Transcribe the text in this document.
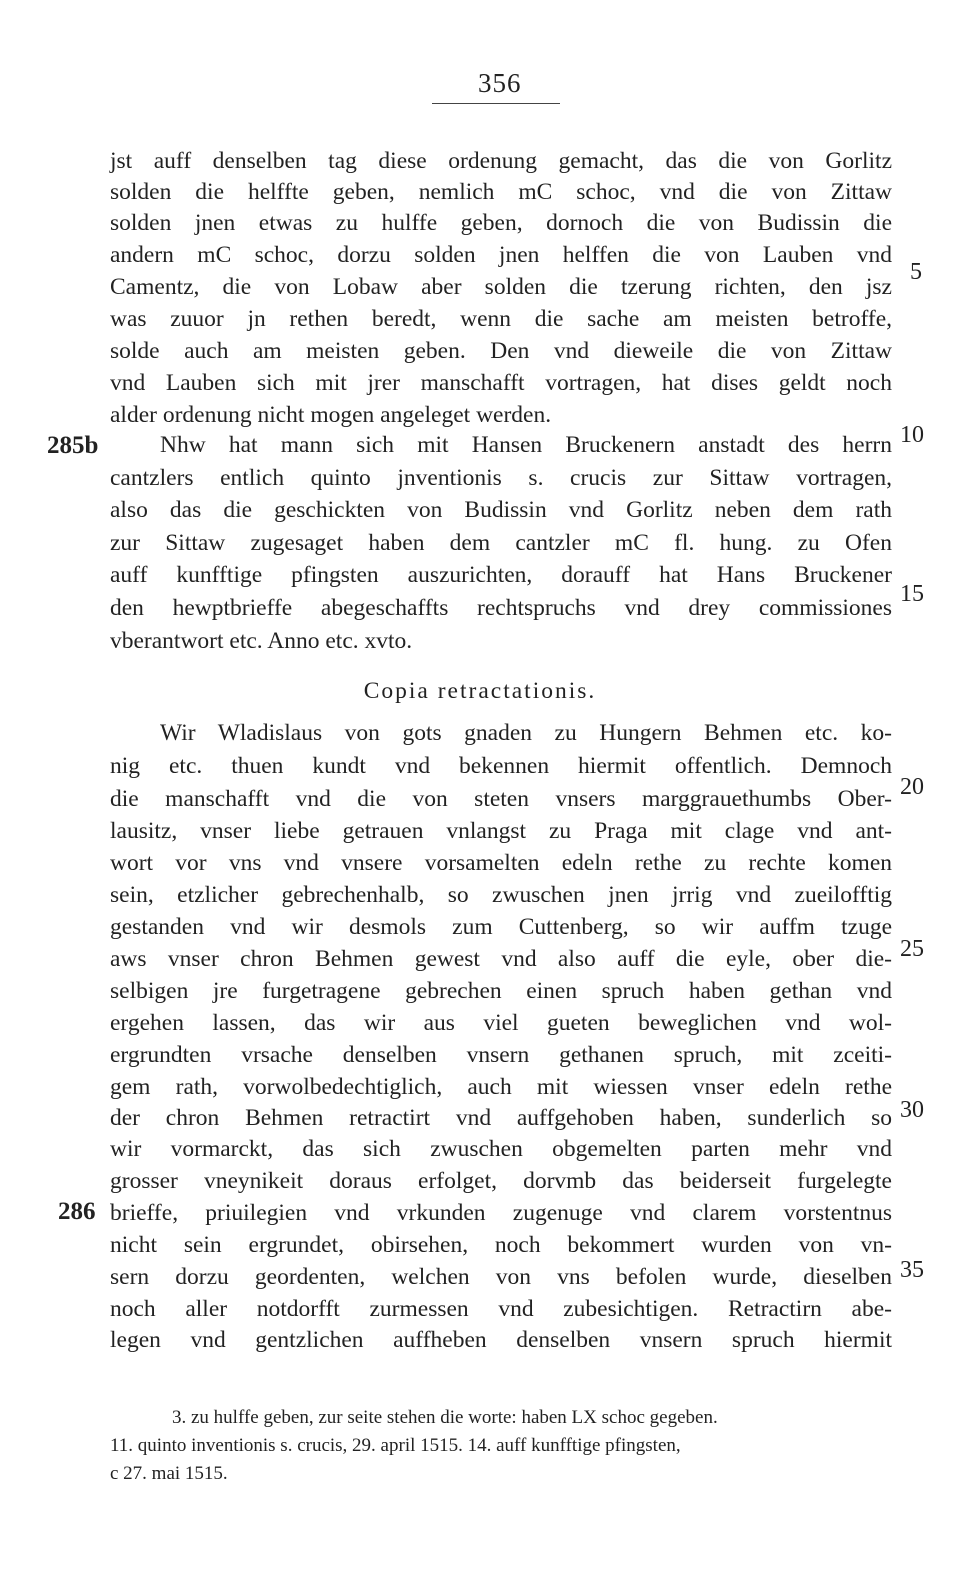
356
jst auff denselben tag diese ordenung gemacht, das die von Gorlitz
solden die helffte geben, nemlich mC schoc, vnd die von Zittaw
solden jnen etwas zu hulffe geben, dornoch die von Budissin die
andern mC schoc, dorzu solden jnen helffen die von Lauben vnd
Camentz, die von Lobaw aber solden die tzerung richten, den jsz
was zuuor jn rethen beredt, wenn die sache am meisten betroffe,
solde auch am meisten geben. Den vnd dieweile die von Zittaw
vnd Lauben sich mit jrer manschafft vortragen, hat dises geldt noch
alder ordenung nicht mogen angeleget werden.
Nhw hat mann sich mit Hansen Bruckenern anstadt des herrn
cantzlers entlich quinto jnventionis s. crucis zur Sittaw vortragen,
also das die geschickten von Budissin vnd Gorlitz neben dem rath
zur Sittaw zugesaget haben dem cantzler mC fl. hung. zu Ofen
auff kunfftige pfingsten auszurichten, dorauff hat Hans Bruckener
den hewptbrieffe abegeschaffts rechtspruchs vnd drey commissiones
vberantwort etc. Anno etc. xvto.
Copia retractationis.
Wir Wladislaus von gots gnaden zu Hungern Behmen etc. ko-
nig etc. thuen kundt vnd bekennen hiermit offentlich. Demnoch
die manschafft vnd die von steten vnsers marggrauethumbs Ober-
lausitz, vnser liebe getrauen vnlangst zu Praga mit clage vnd ant-
wort vor vns vnd vnsere vorsamelten edeln rethe zu rechte komen
sein, etzlicher gebrechenhalb, so zwuschen jnen jrrig vnd zueilofftig
gestanden vnd wir desmols zum Cuttenberg, so wir auffm tzuge
aws vnser chron Behmen gewest vnd also auff die eyle, ober die-
selbigen jre furgetragene gebrechen einen spruch haben gethan vnd
ergehen lassen, das wir aus viel gueten beweglichen vnd wol-
ergrundten vrsache denselben vnsern gethanen spruch, mit zceiti-
gem rath, vorwolbedechtiglich, auch mit wiessen vnser edeln rethe
der chron Behmen retractirt vnd auffgehoben haben, sunderlich so
wir vormarckt, das sich zwuschen obgemelten parten mehr vnd
grosser vneynikeit doraus erfolget, dorvmb das beiderseit furgelegte
brieffe, priuilegien vnd vrkunden zugenuge vnd clarem vorstentnus
nicht sein ergrundet, obirsehen, noch bekommert wurden von vn-
sern dorzu geordenten, welchen von vns befolen wurde, dieselben
noch aller notdorfft zurmessen vnd zubesichtigen. Retractirn abe-
legen vnd gentzlichen auffheben denselben vnsern spruch hiermit
5
10
15
20
25
30
35
285b
286
3. zu hulffe geben, zur seite stehen die worte: haben LX schoc gegeben.
11. quinto inventionis s. crucis, 29. april 1515. 14. auff kunfftige pfingsten,
c 27. mai 1515.
